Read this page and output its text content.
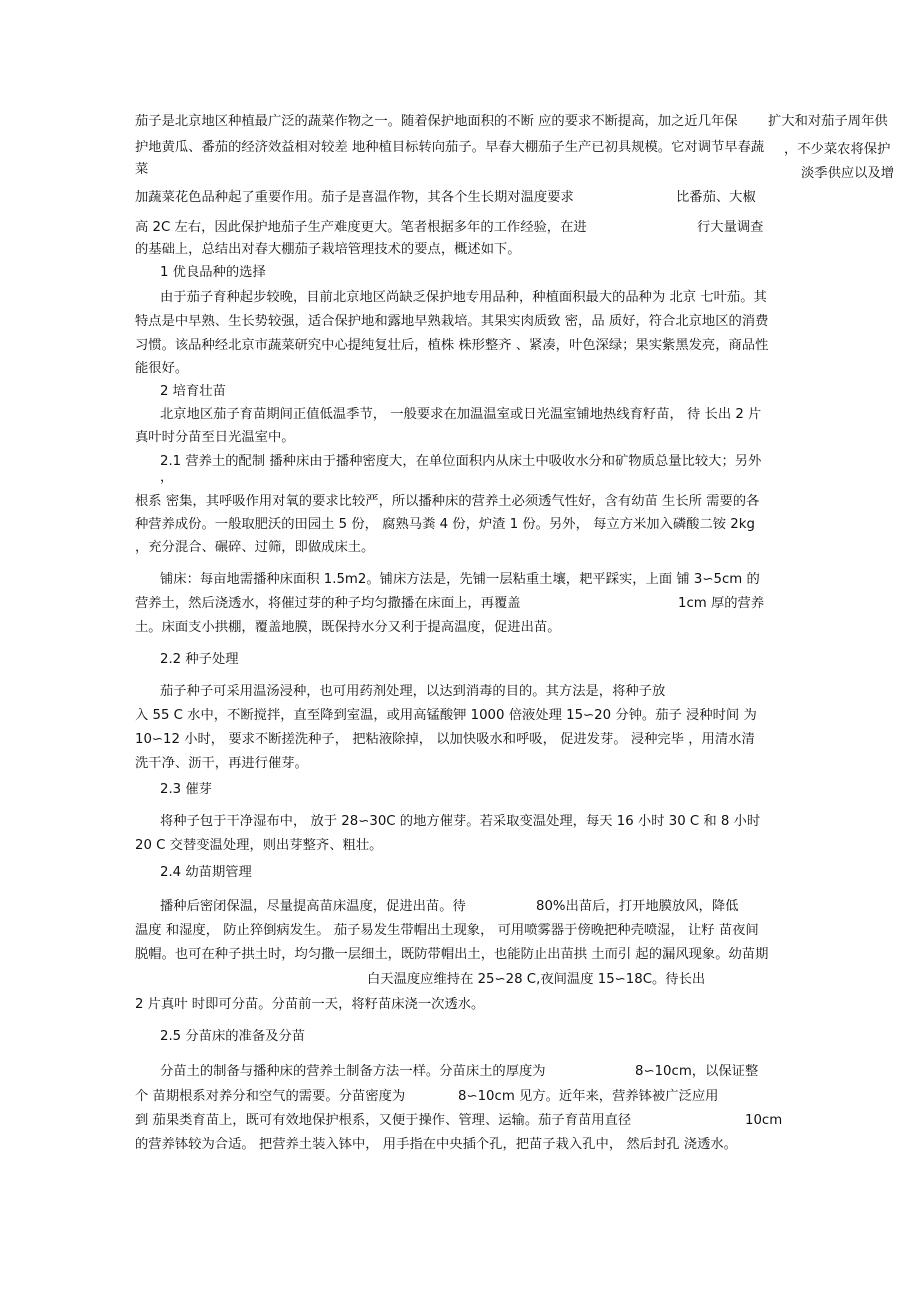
茄子是北京地区种植最广泛的蔬菜作物之一。随着保护地面积的不断 应的要求不断提高，加之近几年保 扩大和对茄子周年供
护地黄瓜、番茄的经济效益相对较差 地种植目标转向茄子。早春大棚茄子生产已初具规模。它对调节早春蔬 ，不少菜农将保护
菜	淡季供应以及增
加蔬菜花色品种起了重要作用。茄子是喜温作物，其各个生长期对温度要求	比番茄、大椒
高 2C 左右，因此保护地茄子生产难度更大。笔者根据多年的工作经验，在进	行大量调查
的基础上，总结出对春大棚茄子栽培管理技术的要点，概述如下。
1 优良品种的选择
由于茄子育种起步较晚，目前北京地区尚缺乏保护地专用品种，种植面积最大的品种为 北京 七叶茄。其
特点是中早熟、生长势较强，适合保护地和露地早熟栽培。其果实肉质致 密，品 质好，符合北京地区的消费
习惯。该品种经北京市蔬菜研究中心提纯复壮后，植株 株形整齐 、紧凑，叶色深绿；果实紫黑发亮，商品性
能很好。
2 培育壮苗
北京地区茄子育苗期间正值低温季节， 一般要求在加温温室或日光温室铺地热线育籽苗， 待 长出 2 片
真叶时分苗至日光温室中。
2.1 营养土的配制 播种床由于播种密度大，在单位面积内从床土中吸收水分和矿物质总量比较大；另外
，
根系 密集，其呼吸作用对氧的要求比较严，所以播种床的营养土必须透气性好，含有幼苗 生长所 需要的各
种营养成份。一般取肥沃的田园土 5 份， 腐熟马粪 4 份，炉渣 1 份。另外， 每立方米加入磷酸二铵 2kg
，充分混合、碾碎、过筛，即做成床土。
铺床：每亩地需播种床面积 1.5m2。铺床方法是，先铺一层粘重土壤，耙平踩实，上面 铺 3∽5cm 的
营养土，然后浇透水，将催过芽的种子均匀撒播在床面上，再覆盖	1cm 厚的营养
土。床面支小拱棚，覆盖地膜，既保持水分又利于提高温度，促进出苗。
2.2 种子处理
茄子种子可采用温汤浸种，也可用药剂处理，以达到消毒的目的。其方法是，将种子放
入 55 C 水中，不断搅拌，直至降到室温，或用高锰酸钾 1000 倍液处理 15∽20 分钟。茄子 浸种时间 为
10∽12 小时， 要求不断搓洗种子， 把粘液除掉， 以加快吸水和呼吸， 促进发芽。 浸种完毕 ，用清水清
洗干净、沥干，再进行催芽。
2.3 催芽
将种子包于干净湿布中， 放于 28∽30C 的地方催芽。若采取变温处理，每天 16 小时 30 C 和 8 小时
20 C 交替变温处理，则出芽整齐、粗壮。
2.4 幼苗期管理
播种后密闭保温，尽量提高苗床温度，促进出苗。待	80%出苗后，打开地膜放风，降低
温度 和湿度， 防止猝倒病发生。 茄子易发生带帽出土现象， 可用喷雾器于傍晚把种壳喷湿， 让籽 苗夜间
脱帽。也可在种子拱土时，均匀撒一层细土，既防带帽出土，也能防止出苗拱 土而引 起的漏风现象。幼苗期
白天温度应维持在 25∽28 C,夜间温度 15∽18C。待长出
2 片真叶 时即可分苗。分苗前一天，将籽苗床浇一次透水。
2.5 分苗床的准备及分苗
分苗土的制备与播种床的营养土制备方法一样。分苗床土的厚度为	8∽10cm，以保证整
个 苗期根系对养分和空气的需要。分苗密度为	8∽10cm 见方。近年来，营养钵被广泛应用
到 茄果类育苗上，既可有效地保护根系，又便于操作、管理、运输。茄子育苗用直径	10cm
的营养钵较为合适。 把营养土装入钵中， 用手指在中央插个孔，把苗子栽入孔中， 然后封孔 浇透水。
